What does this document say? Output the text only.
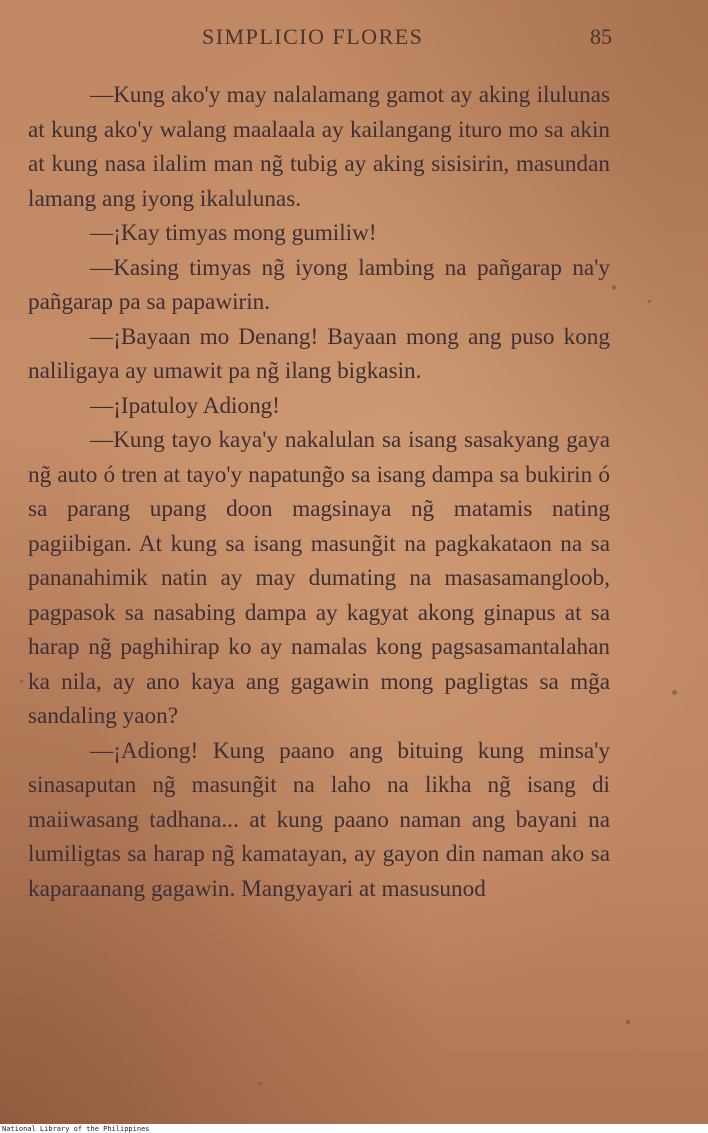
SIMPLICIO FLORES	85

—Kung ako'y may nalalamang gamot ay aking ilulunas at kung ako'y walang maalaala ay kailangang ituro mo sa akin at kung nasa ilalim man ng̃ tubig ay aking sisisirin, masundan lamang ang iyong ikalulunas.

—¡Kay timyas mong gumiliw!

—Kasing timyas ng̃ iyong lambing na pañgarap na'y pañgarap pa sa papawirin.

—¡Bayaan mo Denang! Bayaan mong ang puso kong naliligaya ay umawit pa ng̃ ilang bigkasin.

—¡Ipatuloy Adiong!

—Kung tayo kaya'y nakalulan sa isang sasakyang gaya ng̃ auto ó tren at tayo'y napatung̃o sa isang dampa sa bukirin ó sa parang upang doon magsinaya ng̃ matamis nating pagiibigan. At kung sa isang masung̃it na pagkakataon na sa pananahimik natin ay may dumating na masasamangloob, pagpasok sa nasabing dampa ay kagyat akong ginapus at sa harap ng̃ paghihirap ko ay namalas kong pagsasamantalahan ka nila, ay ano kaya ang gagawin mong pagligtas sa mg̃a sandaling yaon?

—¡Adiong! Kung paano ang bituing kung minsa'y sinasaputan ng̃ masung̃it na laho na likha ng̃ isang di maiiwasang tadhana... at kung paano naman ang bayani na lumiligtas sa harap ng̃ kamatayan, ay gayon din naman ako sa kaparaanang gagawin. Mangyayari at masusunod

National Library of the Philippines
